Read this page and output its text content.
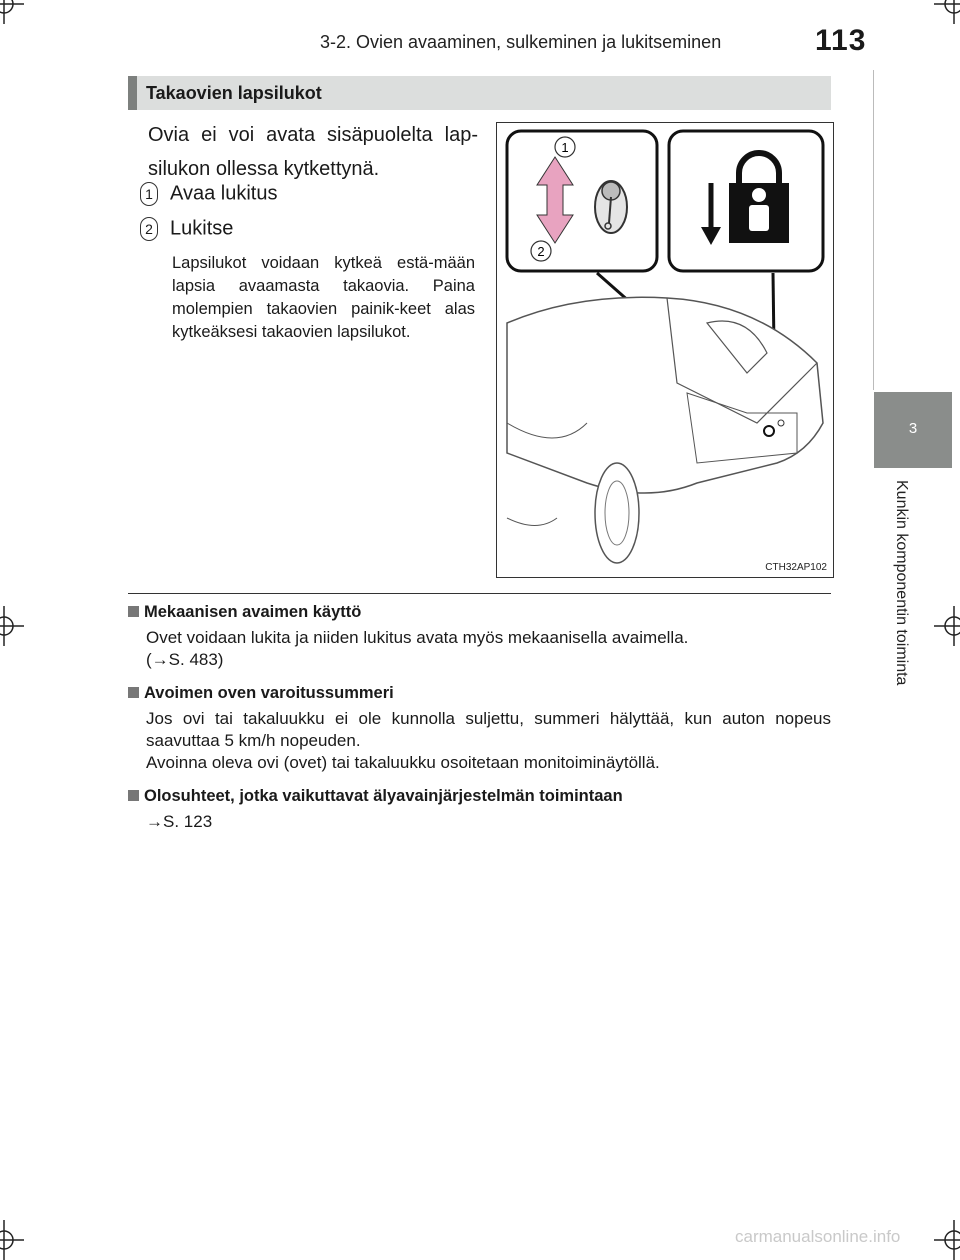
3-2. Ovien avaaminen, sulkeminen ja lukitseminen	113
3
Kunkin komponentin toiminta
Takaovien lapsilukot
Ovia ei voi avata sisäpuolelta lap-silukon ollessa kytkettynä.
1 Avaa lukitus
2 Lukitse
Lapsilukot voidaan kytkeä estä-mään lapsia avaamasta takaovia. Paina molempien takaovien painik-keet alas kytkeäksesi takaovien lapsilukot.
1
2
CTH32AP102
Mekaanisen avaimen käyttö
Ovet voidaan lukita ja niiden lukitus avata myös mekaanisella avaimella.
(→S. 483)
Avoimen oven varoitussummeri
Jos ovi tai takaluukku ei ole kunnolla suljettu, summeri hälyttää, kun auton nopeus saavuttaa 5 km/h nopeuden.
Avoinna oleva ovi (ovet) tai takaluukku osoitetaan monitoiminäytöllä.
Olosuhteet, jotka vaikuttavat älyavainjärjestelmän toimintaan
→S. 123
carmanualsonline.info
